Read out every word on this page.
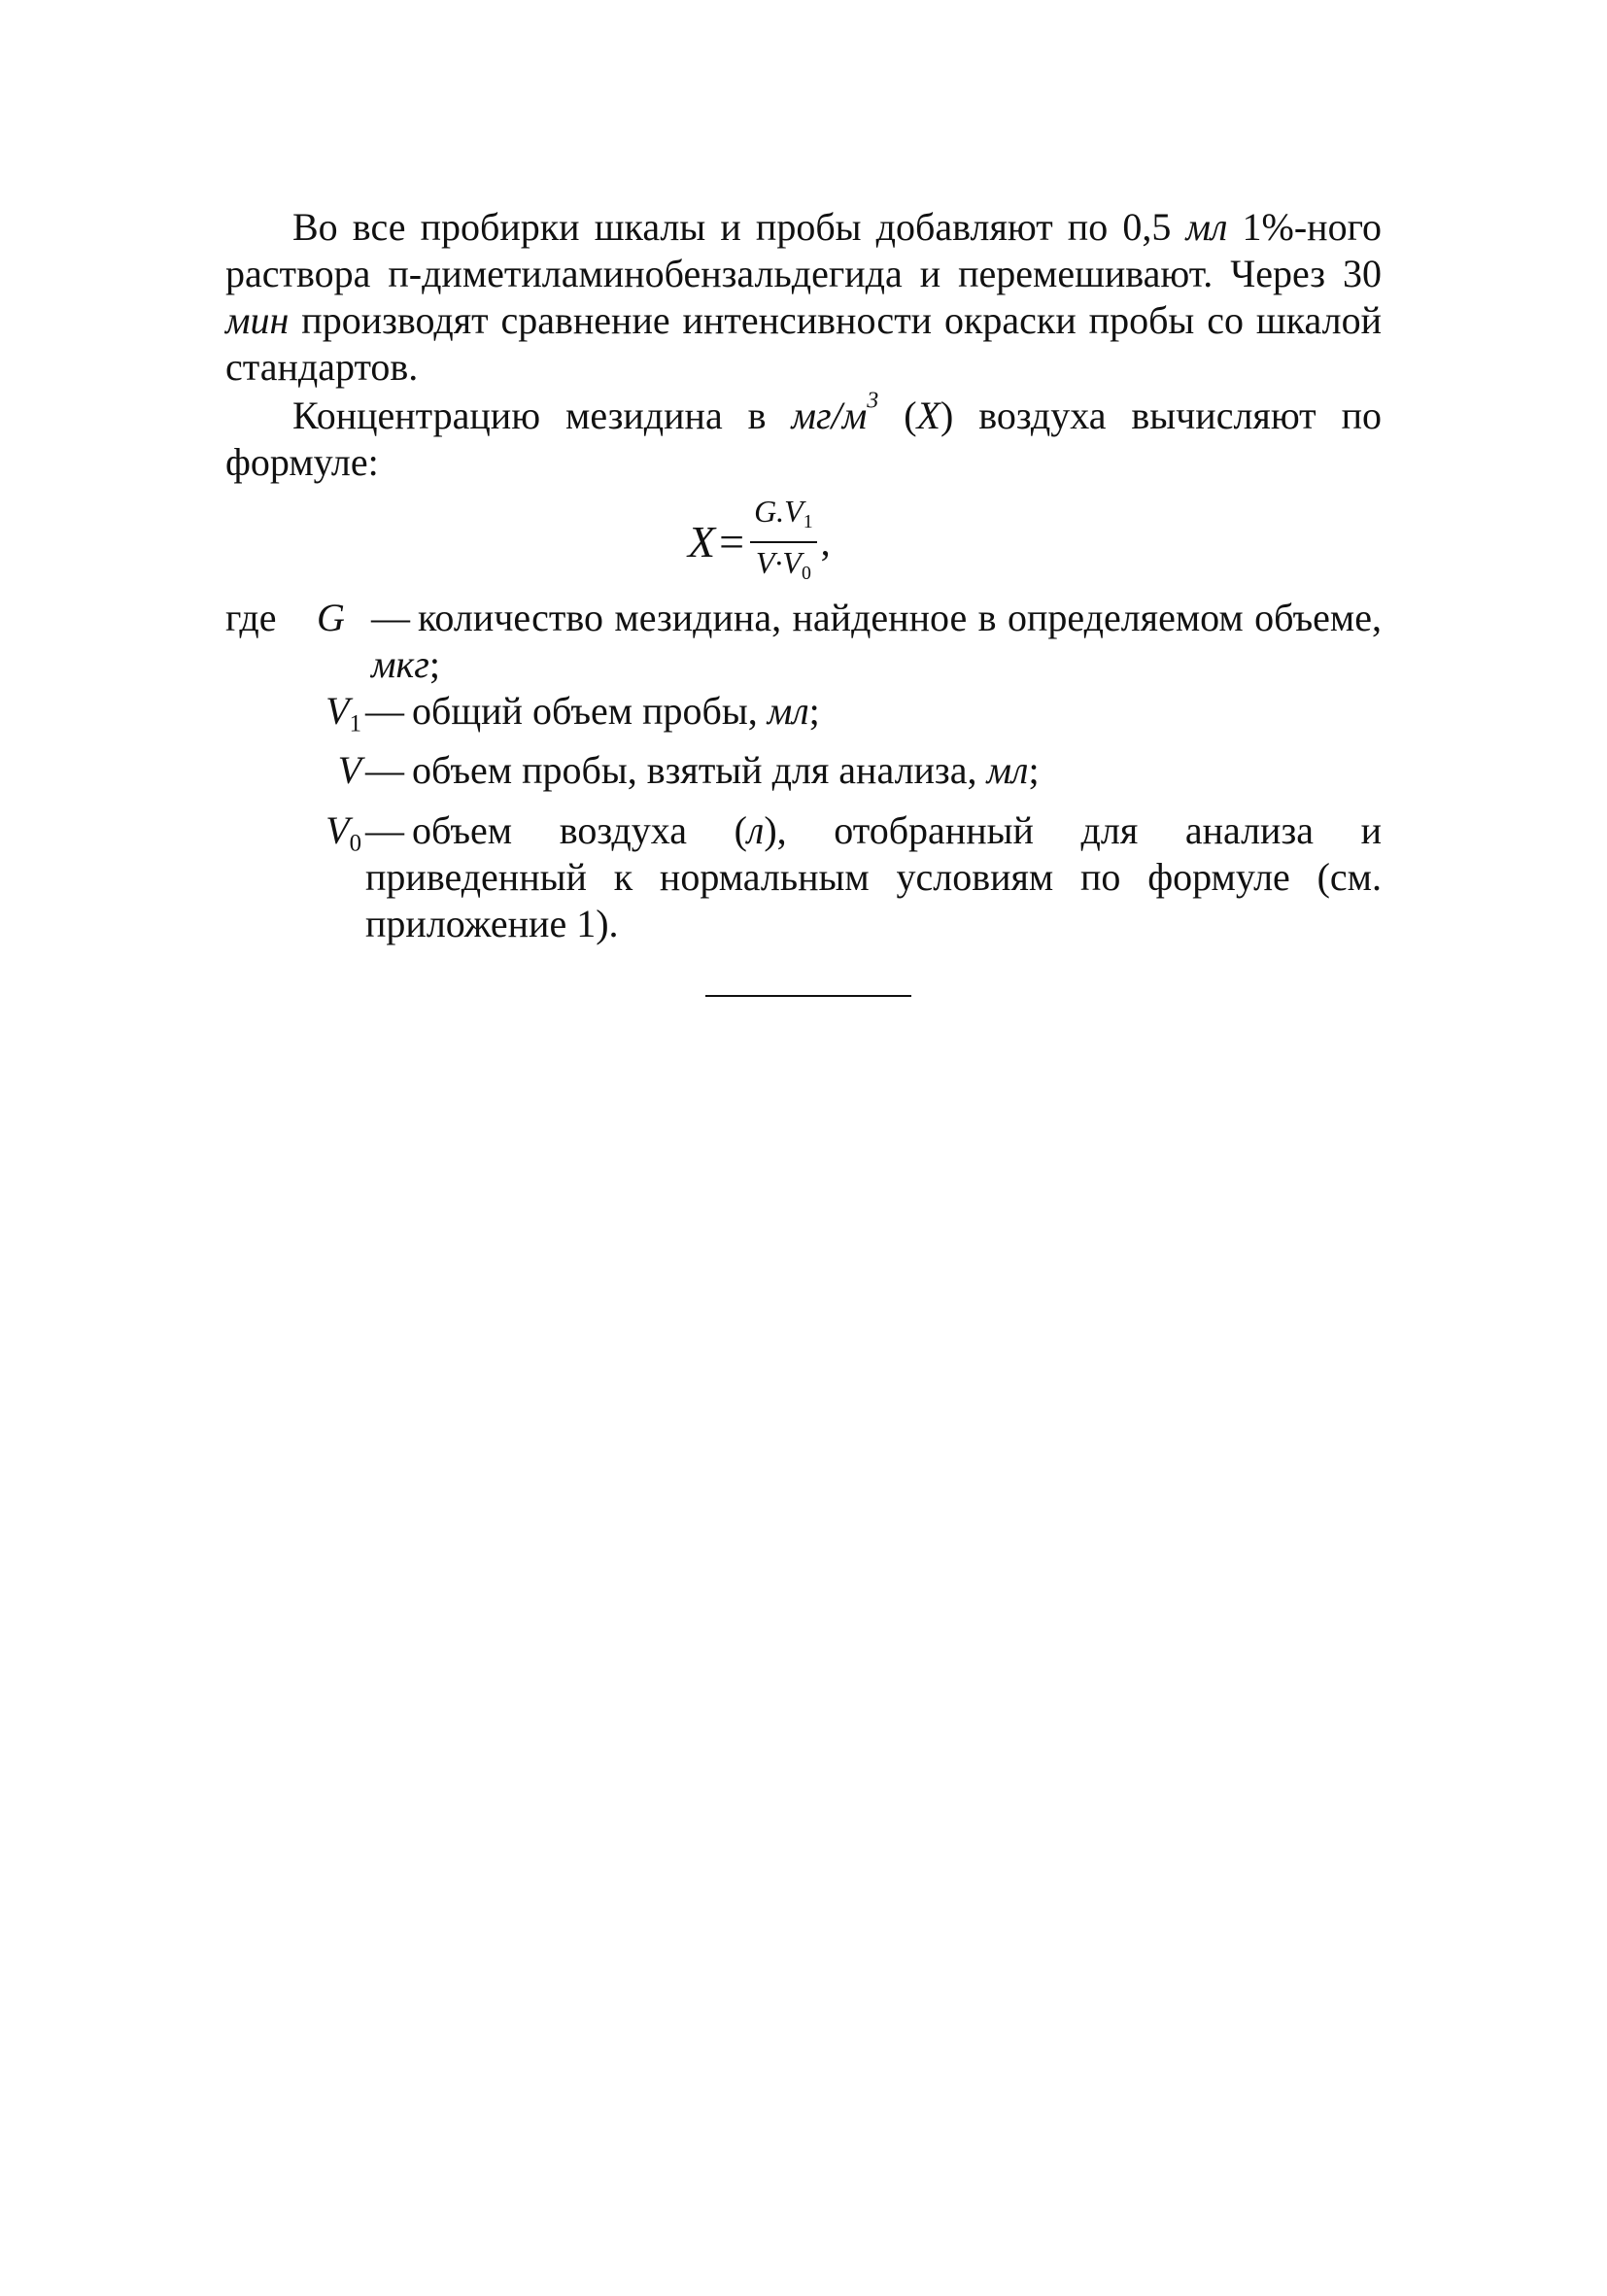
Во все пробирки шкалы и пробы добавляют по 0,5 мл 1%-ного раствора п-диметиламинобензальдегида и перемешивают. Через 30 мин производят сравнение интенсивности окраски пробы со шкалой стандартов.

Концентрацию мезидина в $мг/м^3$ (X) воздуха вычисляют по формуле:

$X = \frac{G.V_1}{V\cdot V_0}$ ,
где	G — количество мезидина, найденное в определяемом объеме, мкг;
$V_1$ — общий объем пробы, мл;
V — объем пробы, взятый для анализа, мл;
$V_0$ — объем воздуха (л), отобранный для анализа и приведенный к нормальным условиям по формуле (см. приложение 1).
